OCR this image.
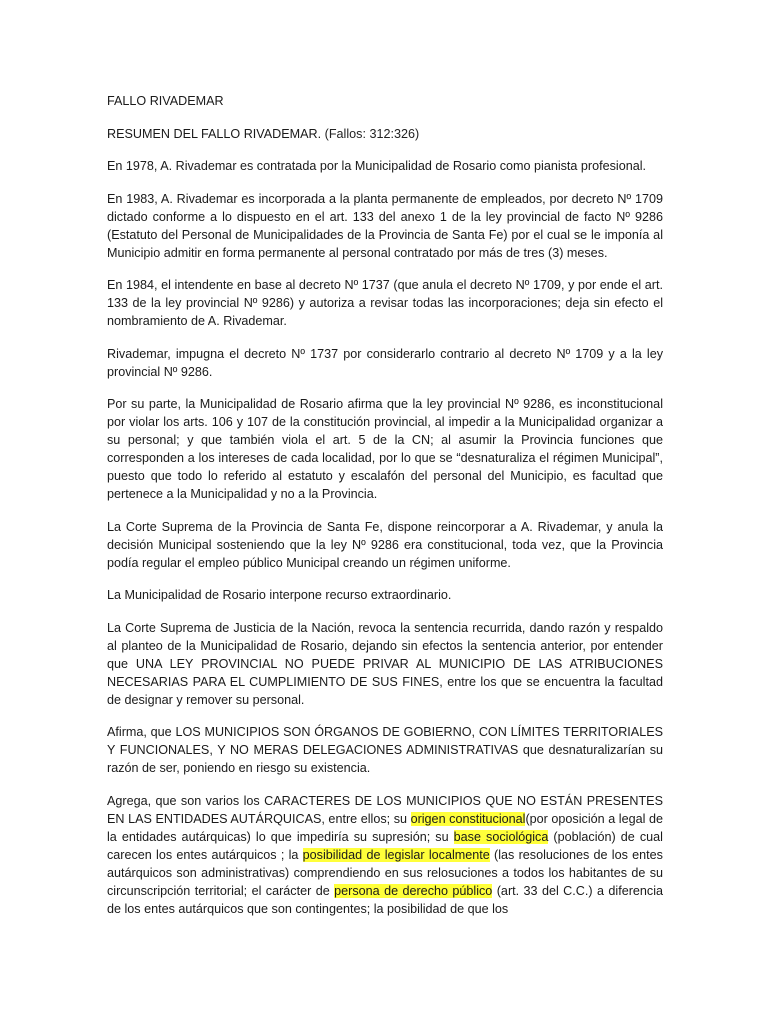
FALLO RIVADEMAR

RESUMEN DEL FALLO RIVADEMAR. (Fallos: 312:326)

En 1978, A. Rivademar es contratada por la Municipalidad de Rosario como pianista profesional.

En 1983, A. Rivademar es incorporada a la planta permanente de empleados, por decreto Nº 1709 dictado conforme a lo dispuesto en el art. 133 del anexo 1 de la ley provincial de facto Nº 9286 (Estatuto del Personal de Municipalidades de la Provincia de Santa Fe) por el cual se le imponía al Municipio admitir en forma permanente al personal contratado por más de tres (3) meses.

En 1984, el intendente en base al decreto Nº 1737 (que anula el decreto Nº 1709, y por ende el art. 133 de la ley provincial Nº 9286) y autoriza a revisar todas las incorporaciones; deja sin efecto el nombramiento de A. Rivademar.

Rivademar, impugna el decreto Nº 1737 por considerarlo contrario al decreto Nº 1709 y a la ley provincial Nº 9286.

Por su parte, la Municipalidad de Rosario afirma que la ley provincial Nº 9286, es inconstitucional por violar los arts. 106 y 107 de la constitución provincial, al impedir a la Municipalidad organizar a su personal; y que también viola el art. 5 de la CN; al asumir la Provincia funciones que corresponden a los intereses de cada localidad, por lo que se “desnaturaliza el régimen Municipal”, puesto que todo lo referido al estatuto y escalafón del personal del Municipio, es facultad que pertenece a la Municipalidad y no a la Provincia.

La Corte Suprema de la Provincia de Santa Fe, dispone reincorporar a A. Rivademar, y anula la decisión Municipal sosteniendo que la ley Nº 9286 era constitucional, toda vez, que la Provincia podía regular el empleo público Municipal creando un régimen uniforme.

La Municipalidad de Rosario interpone recurso extraordinario.

La Corte Suprema de Justicia de la Nación, revoca la sentencia recurrida, dando razón y respaldo al planteo de la Municipalidad de Rosario, dejando sin efectos la sentencia anterior, por entender que UNA LEY PROVINCIAL NO PUEDE PRIVAR AL MUNICIPIO DE LAS ATRIBUCIONES NECESARIAS PARA EL CUMPLIMIENTO DE SUS FINES, entre los que se encuentra la facultad de designar y remover su personal.

Afirma, que LOS MUNICIPIOS SON ÓRGANOS DE GOBIERNO, CON LÍMITES TERRITORIALES Y FUNCIONALES, Y NO MERAS DELEGACIONES ADMINISTRATIVAS que desnaturalizarían su razón de ser, poniendo en riesgo su existencia.

Agrega, que son varios los CARACTERES DE LOS MUNICIPIOS QUE NO ESTÁN PRESENTES EN LAS ENTIDADES AUTÁRQUICAS, entre ellos; su origen constitucional(por oposición a legal de la entidades autárquicas) lo que impediría su supresión; su base sociológica (población) de cual carecen los entes autárquicos ; la posibilidad de legislar localmente (las resoluciones de los entes autárquicos son administrativas) comprendiendo en sus relosuciones a todos los habitantes de su circunscripción territorial; el carácter de persona de derecho público (art. 33 del C.C.) a diferencia de los entes autárquicos que son contingentes; la posibilidad de que los
